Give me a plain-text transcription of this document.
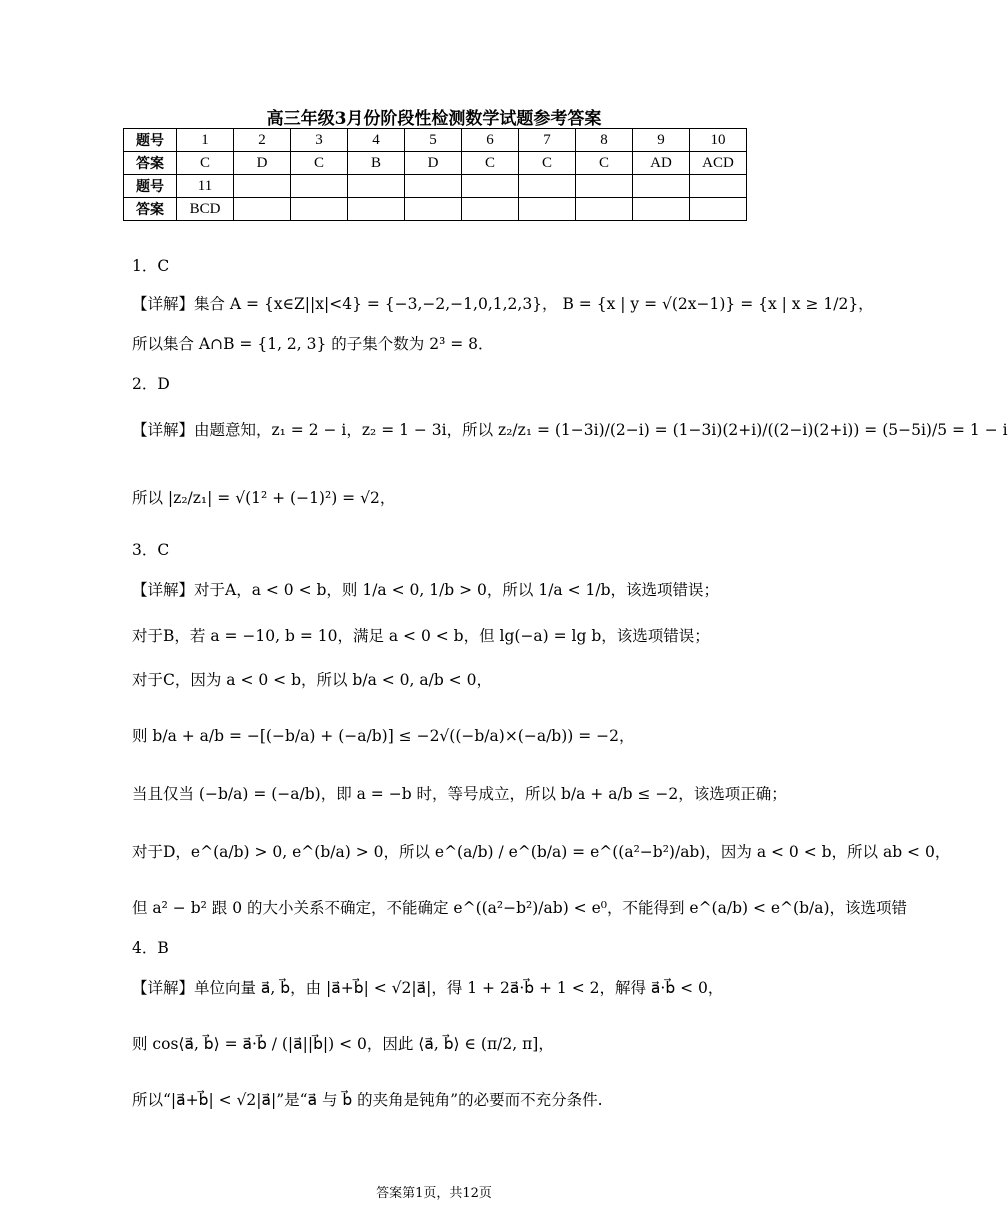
高三年级3月份阶段性检测数学试题参考答案
题号	1	2	3	4	5	6	7	8	9	10
答案	C	D	C	B	D	C	C	C	AD	ACD
题号	11									
答案	BCD									
1．C
【详解】集合 A = {x∈Z||x|<4} = {−3,−2,−1,0,1,2,3}， B = {x | y = √(2x−1)} = {x | x ≥ 1/2}，
所以集合 A∩B = {1, 2, 3} 的子集个数为 2³ = 8．
2．D
【详解】由题意知，z₁ = 2 − i，z₂ = 1 − 3i，所以 z₂/z₁ = (1−3i)/(2−i) = (1−3i)(2+i)/((2−i)(2+i)) = (5−5i)/5 = 1 − i
所以 |z₂/z₁| = √(1² + (−1)²) = √2，
3．C
【详解】对于A，a < 0 < b，则 1/a < 0, 1/b > 0，所以 1/a < 1/b，该选项错误；
对于B，若 a = −10, b = 10，满足 a < 0 < b，但 lg(−a) = lg b，该选项错误；
对于C，因为 a < 0 < b，所以 b/a < 0, a/b < 0，
则 b/a + a/b = −[(−b/a) + (−a/b)] ≤ −2√((−b/a)×(−a/b)) = −2，
当且仅当 (−b/a) = (−a/b)，即 a = −b 时，等号成立，所以 b/a + a/b ≤ −2，该选项正确；
对于D，e^(a/b) > 0, e^(b/a) > 0，所以 e^(a/b) / e^(b/a) = e^((a²−b²)/ab)，因为 a < 0 < b，所以 ab < 0，
但 a² − b² 跟 0 的大小关系不确定，不能确定 e^((a²−b²)/ab) < e⁰，不能得到 e^(a/b) < e^(b/a)，该选项错
4．B
【详解】单位向量 a⃗, b⃗，由 |a⃗+b⃗| < √2|a⃗|，得 1 + 2a⃗·b⃗ + 1 < 2，解得 a⃗·b⃗ < 0，
则 cos⟨a⃗, b⃗⟩ = a⃗·b⃗ / (|a⃗||b⃗|) < 0，因此 ⟨a⃗, b⃗⟩ ∈ (π/2, π]，
所以“|a⃗+b⃗| < √2|a⃗|”是“a⃗ 与 b⃗ 的夹角是钝角”的必要而不充分条件.
答案第1页，共12页
